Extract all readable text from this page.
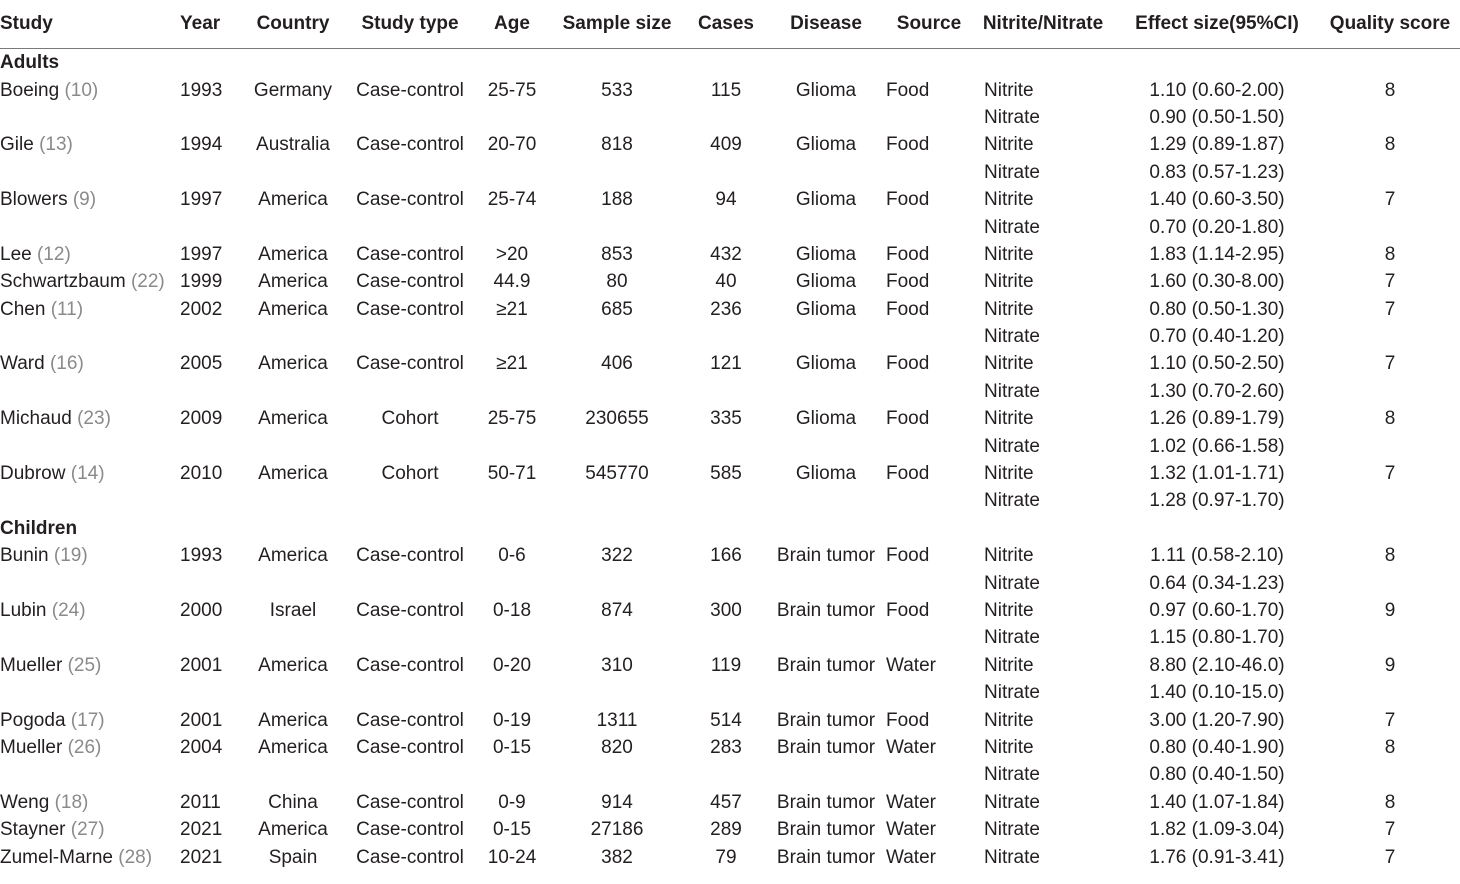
Study	Year	Country	Study type	Age	Sample size	Cases	Disease	Source	Nitrite/Nitrate	Effect size(95%CI)	Quality score
Adults											
Boeing (10)	1993	Germany	Case-control	25-75	533	115	Glioma	Food	Nitrite	1.10 (0.60-2.00)	8
									Nitrate	0.90 (0.50-1.50)	
Gile (13)	1994	Australia	Case-control	20-70	818	409	Glioma	Food	Nitrite	1.29 (0.89-1.87)	8
									Nitrate	0.83 (0.57-1.23)	
Blowers (9)	1997	America	Case-control	25-74	188	94	Glioma	Food	Nitrite	1.40 (0.60-3.50)	7
									Nitrate	0.70 (0.20-1.80)	
Lee (12)	1997	America	Case-control	>20	853	432	Glioma	Food	Nitrite	1.83 (1.14-2.95)	8
Schwartzbaum (22)	1999	America	Case-control	44.9	80	40	Glioma	Food	Nitrite	1.60 (0.30-8.00)	7
Chen (11)	2002	America	Case-control	≥21	685	236	Glioma	Food	Nitrite	0.80 (0.50-1.30)	7
									Nitrate	0.70 (0.40-1.20)	
Ward (16)	2005	America	Case-control	≥21	406	121	Glioma	Food	Nitrite	1.10 (0.50-2.50)	7
									Nitrate	1.30 (0.70-2.60)	
Michaud (23)	2009	America	Cohort	25-75	230655	335	Glioma	Food	Nitrite	1.26 (0.89-1.79)	8
									Nitrate	1.02 (0.66-1.58)	
Dubrow (14)	2010	America	Cohort	50-71	545770	585	Glioma	Food	Nitrite	1.32 (1.01-1.71)	7
									Nitrate	1.28 (0.97-1.70)	
Children											
Bunin (19)	1993	America	Case-control	0-6	322	166	Brain tumor	Food	Nitrite	1.11 (0.58-2.10)	8
									Nitrate	0.64 (0.34-1.23)	
Lubin (24)	2000	Israel	Case-control	0-18	874	300	Brain tumor	Food	Nitrite	0.97 (0.60-1.70)	9
									Nitrate	1.15 (0.80-1.70)	
Mueller (25)	2001	America	Case-control	0-20	310	119	Brain tumor	Water	Nitrite	8.80 (2.10-46.0)	9
									Nitrate	1.40 (0.10-15.0)	
Pogoda (17)	2001	America	Case-control	0-19	1311	514	Brain tumor	Food	Nitrite	3.00 (1.20-7.90)	7
Mueller (26)	2004	America	Case-control	0-15	820	283	Brain tumor	Water	Nitrite	0.80 (0.40-1.90)	8
									Nitrate	0.80 (0.40-1.50)	
Weng (18)	2011	China	Case-control	0-9	914	457	Brain tumor	Water	Nitrate	1.40 (1.07-1.84)	8
Stayner (27)	2021	America	Case-control	0-15	27186	289	Brain tumor	Water	Nitrate	1.82 (1.09-3.04)	7
Zumel-Marne (28)	2021	Spain	Case-control	10-24	382	79	Brain tumor	Water	Nitrate	1.76 (0.91-3.41)	7
